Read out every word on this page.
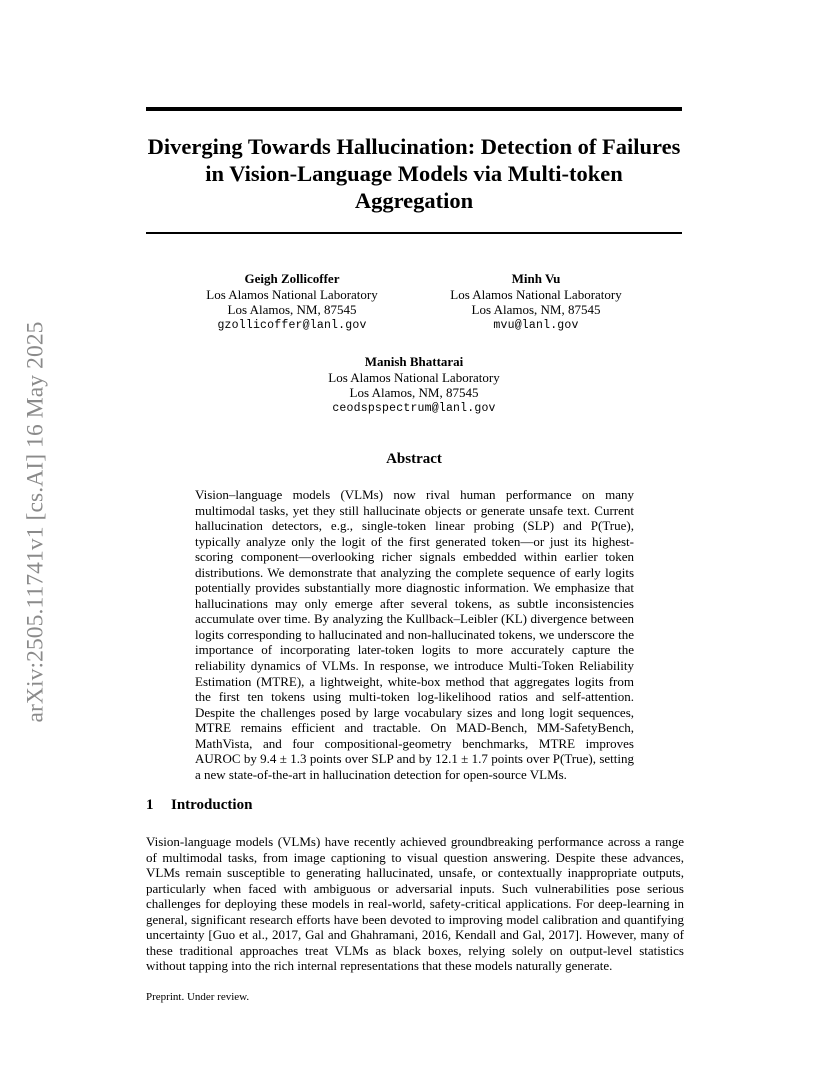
arXiv:2505.11741v1 [cs.AI] 16 May 2025
Diverging Towards Hallucination: Detection of Failures in Vision-Language Models via Multi-token Aggregation
Geigh Zollicoffer
Los Alamos National Laboratory
Los Alamos, NM, 87545
gzollicoffer@lanl.gov
Minh Vu
Los Alamos National Laboratory
Los Alamos, NM, 87545
mvu@lanl.gov
Manish Bhattarai
Los Alamos National Laboratory
Los Alamos, NM, 87545
ceodspspectrum@lanl.gov
Abstract
Vision–language models (VLMs) now rival human performance on many multimodal tasks, yet they still hallucinate objects or generate unsafe text. Current hallucination detectors, e.g., single-token linear probing (SLP) and P(True), typically analyze only the logit of the first generated token—or just its highest-scoring component—overlooking richer signals embedded within earlier token distributions. We demonstrate that analyzing the complete sequence of early logits potentially provides substantially more diagnostic information. We emphasize that hallucinations may only emerge after several tokens, as subtle inconsistencies accumulate over time. By analyzing the Kullback–Leibler (KL) divergence between logits corresponding to hallucinated and non-hallucinated tokens, we underscore the importance of incorporating later-token logits to more accurately capture the reliability dynamics of VLMs. In response, we introduce Multi-Token Reliability Estimation (MTRE), a lightweight, white-box method that aggregates logits from the first ten tokens using multi-token log-likelihood ratios and self-attention. Despite the challenges posed by large vocabulary sizes and long logit sequences, MTRE remains efficient and tractable. On MAD-Bench, MM-SafetyBench, MathVista, and four compositional-geometry benchmarks, MTRE improves AUROC by 9.4 ± 1.3 points over SLP and by 12.1 ± 1.7 points over P(True), setting a new state-of-the-art in hallucination detection for open-source VLMs.
1 Introduction
Vision-language models (VLMs) have recently achieved groundbreaking performance across a range of multimodal tasks, from image captioning to visual question answering. Despite these advances, VLMs remain susceptible to generating hallucinated, unsafe, or contextually inappropriate outputs, particularly when faced with ambiguous or adversarial inputs. Such vulnerabilities pose serious challenges for deploying these models in real-world, safety-critical applications. For deep-learning in general, significant research efforts have been devoted to improving model calibration and quantifying uncertainty [Guo et al., 2017, Gal and Ghahramani, 2016, Kendall and Gal, 2017]. However, many of these traditional approaches treat VLMs as black boxes, relying solely on output-level statistics without tapping into the rich internal representations that these models naturally generate.
Preprint. Under review.
